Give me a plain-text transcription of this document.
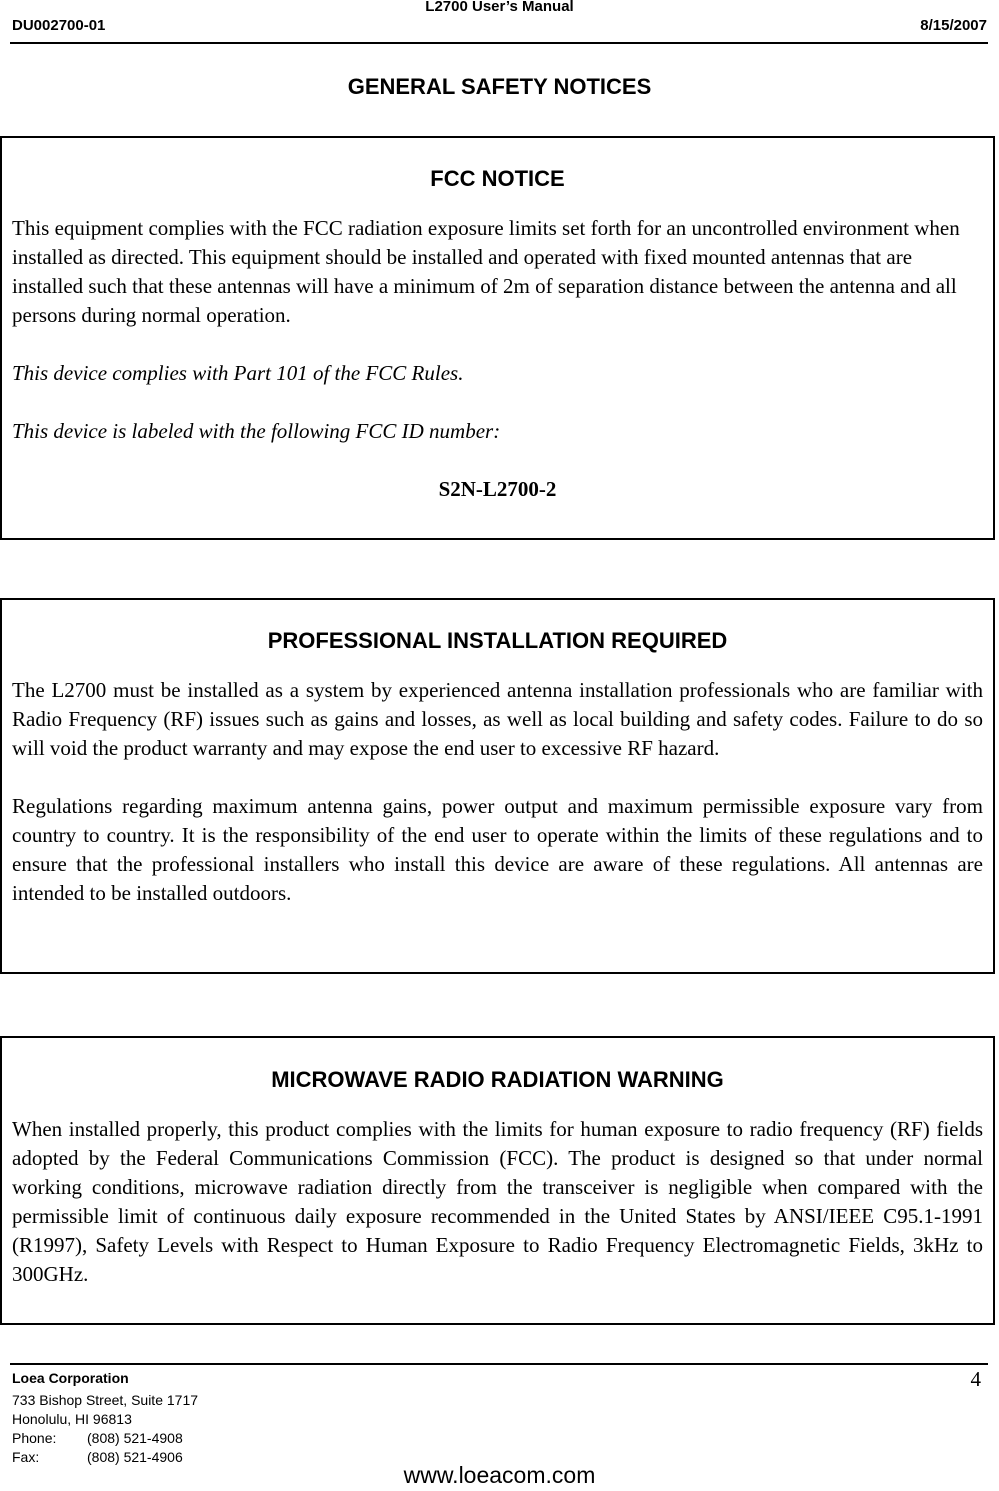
L2700 User’s Manual
DU002700-01	8/15/2007
GENERAL SAFETY NOTICES

FCC NOTICE

This equipment complies with the FCC radiation exposure limits set forth for an uncontrolled environment when installed as directed. This equipment should be installed and operated with fixed mounted antennas that are installed such that these antennas will have a minimum of 2m of separation distance between the antenna and all persons during normal operation.

This device complies with Part 101 of the FCC Rules.

This device is labeled with the following FCC ID number:

S2N-L2700-2

PROFESSIONAL INSTALLATION REQUIRED

The L2700 must be installed as a system by experienced antenna installation professionals who are familiar with Radio Frequency (RF) issues such as gains and losses, as well as local building and safety codes. Failure to do so will void the product warranty and may expose the end user to excessive RF hazard.

Regulations regarding maximum antenna gains, power output and maximum permissible exposure vary from country to country. It is the responsibility of the end user to operate within the limits of these regulations and to ensure that the professional installers who install this device are aware of these regulations. All antennas are intended to be installed outdoors.

MICROWAVE RADIO RADIATION WARNING

When installed properly, this product complies with the limits for human exposure to radio frequency (RF) fields adopted by the Federal Communications Commission (FCC). The product is designed so that under normal working conditions, microwave radiation directly from the transceiver is negligible when compared with the permissible limit of continuous daily exposure recommended in the United States by ANSI/IEEE C95.1-1991 (R1997), Safety Levels with Respect to Human Exposure to Radio Frequency Electromagnetic Fields, 3kHz to 300GHz.

Loea Corporation
733 Bishop Street, Suite 1717
Honolulu, HI 96813
Phone: (808) 521-4908
Fax:	(808) 521-4906
4
www.loeacom.com
